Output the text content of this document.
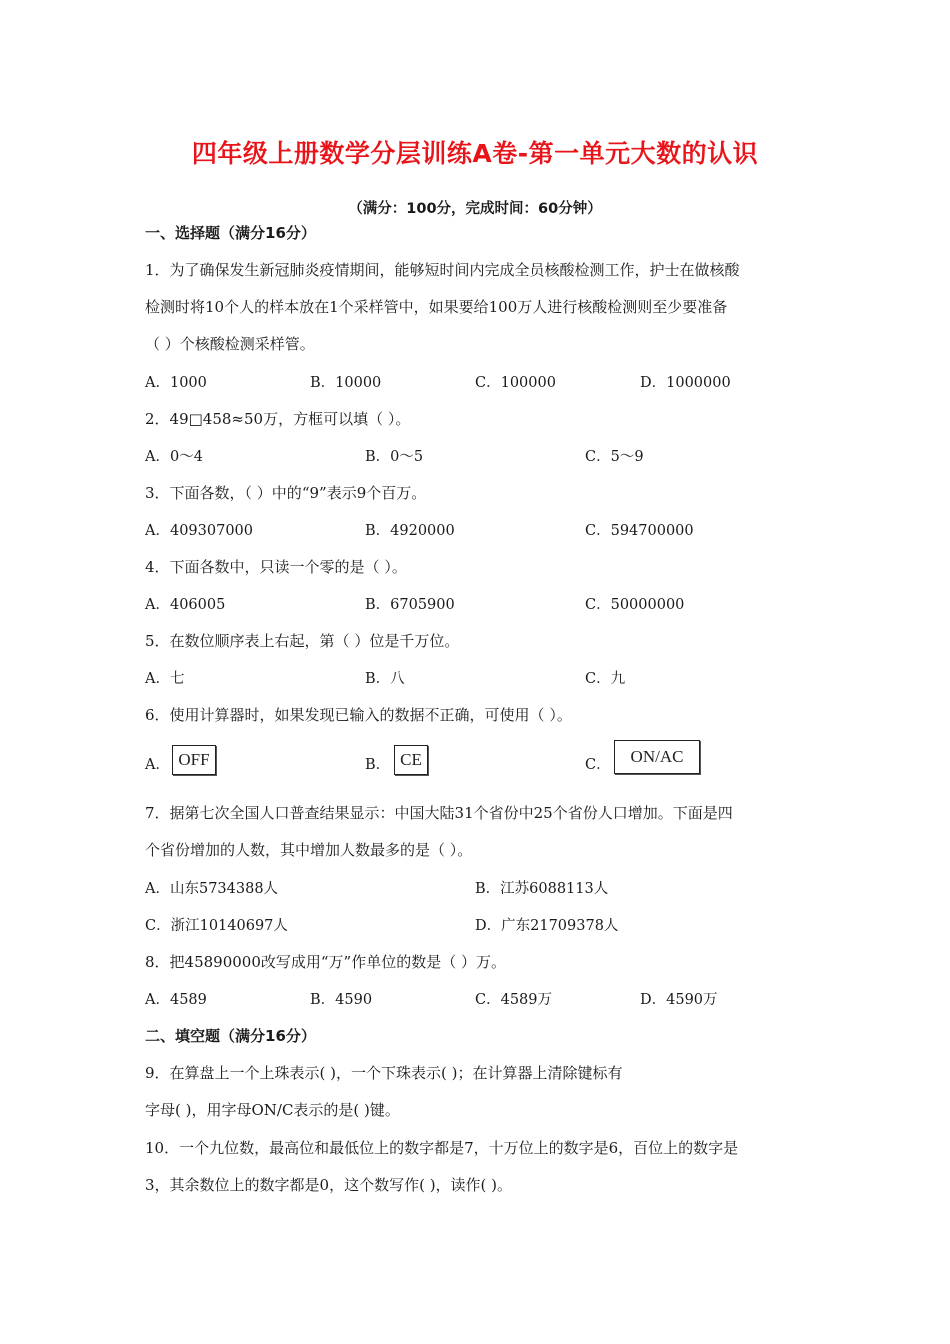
四年级上册数学分层训练A卷-第一单元大数的认识
（满分：100分，完成时间：60分钟）
一、选择题（满分16分）
1．为了确保发生新冠肺炎疫情期间，能够短时间内完成全员核酸检测工作，护士在做核酸
检测时将10个人的样本放在1个采样管中，如果要给100万人进行核酸检测则至少要准备
（ ）个核酸检测采样管。
A．1000	B．10000	C．100000	D．1000000
2．49□458≈50万，方框可以填（ ）。
A．0～4	B．0～5	C．5～9
3．下面各数，（ ）中的“9”表示9个百万。
A．409307000	B．4920000	C．594700000
4．下面各数中，只读一个零的是（ ）。
A．406005	B．6705900	C．50000000
5．在数位顺序表上右起，第（ ）位是千万位。
A．七	B．八	C．九
6．使用计算器时，如果发现已输入的数据不正确，可使用（ ）。
A． OFF	B． CE	C．	ON/AC
7．据第七次全国人口普查结果显示：中国大陆31个省份中25个省份人口增加。下面是四
个省份增加的人数，其中增加人数最多的是（ ）。
A．山东5734388人	B．江苏6088113人
C．浙江10140697人	D．广东21709378人
8．把45890000改写成用“万”作单位的数是（ ）万。
A．4589	B．4590	C．4589万	D．4590万
二、填空题（满分16分）
9．在算盘上一个上珠表示( )，一个下珠表示( )；在计算器上清除键标有
字母( )，用字母ON/C表示的是( )键。
10．一个九位数，最高位和最低位上的数字都是7，十万位上的数字是6，百位上的数字是
3，其余数位上的数字都是0，这个数写作( )，读作( )。
